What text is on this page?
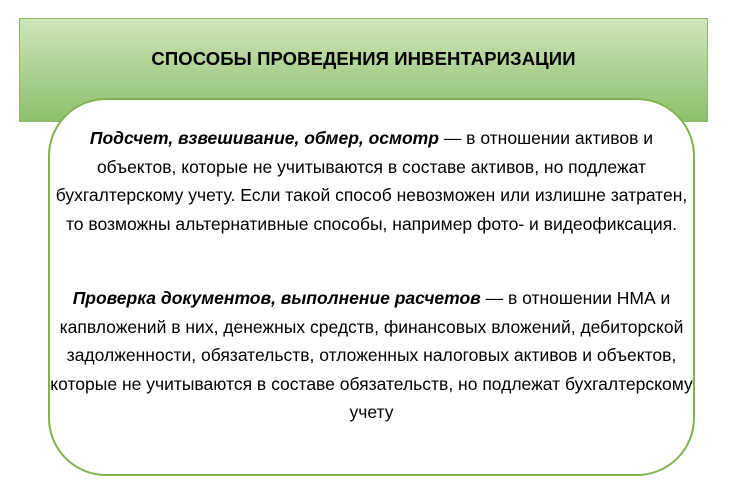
СПОСОБЫ ПРОВЕДЕНИЯ ИНВЕНТАРИЗАЦИИ
Подсчет, взвешивание, обмер, осмотр — в отношении активов и объектов, которые не учитываются в составе активов, но подлежат бухгалтерскому учету. Если такой способ невозможен или излишне затратен, то возможны альтернативные способы, например фото- и видеофиксация.
Проверка документов, выполнение расчетов — в отношении НМА и капвложений в них, денежных средств, финансовых вложений, дебиторской задолженности, обязательств, отложенных налоговых активов и объектов, которые не учитываются в составе обязательств, но подлежат бухгалтерскому учету
